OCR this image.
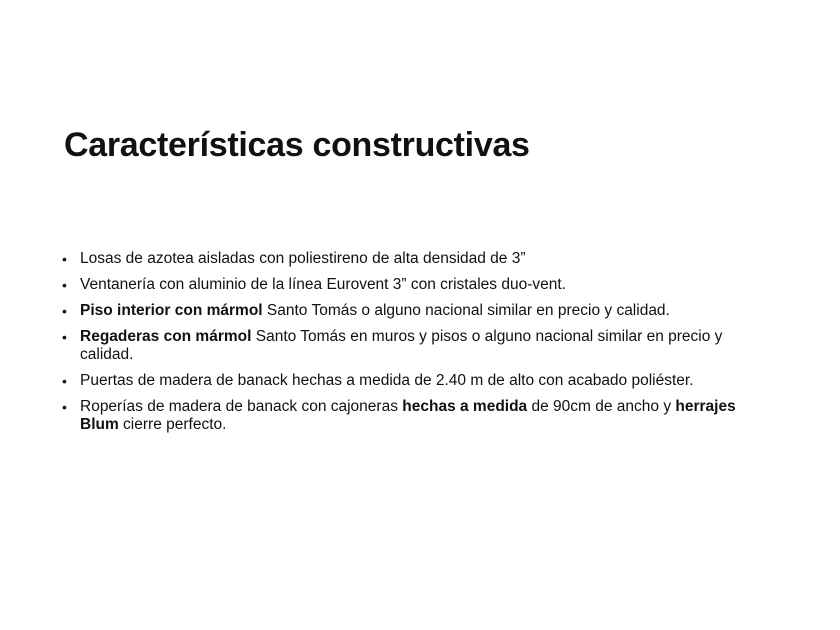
Características constructivas
• Losas de azotea aisladas con poliestireno de alta densidad de 3”
• Ventanería con aluminio de la línea Eurovent 3” con cristales duo-vent.
• Piso interior con mármol Santo Tomás o alguno nacional similar en precio y calidad.
• Regaderas con mármol Santo Tomás en muros y pisos o alguno nacional similar en precio y calidad.
• Puertas de madera de banack hechas a medida de 2.40 m de alto con acabado poliéster.
• Roperías de madera de banack con cajoneras hechas a medida de 90cm de ancho y herrajes Blum cierre perfecto.
